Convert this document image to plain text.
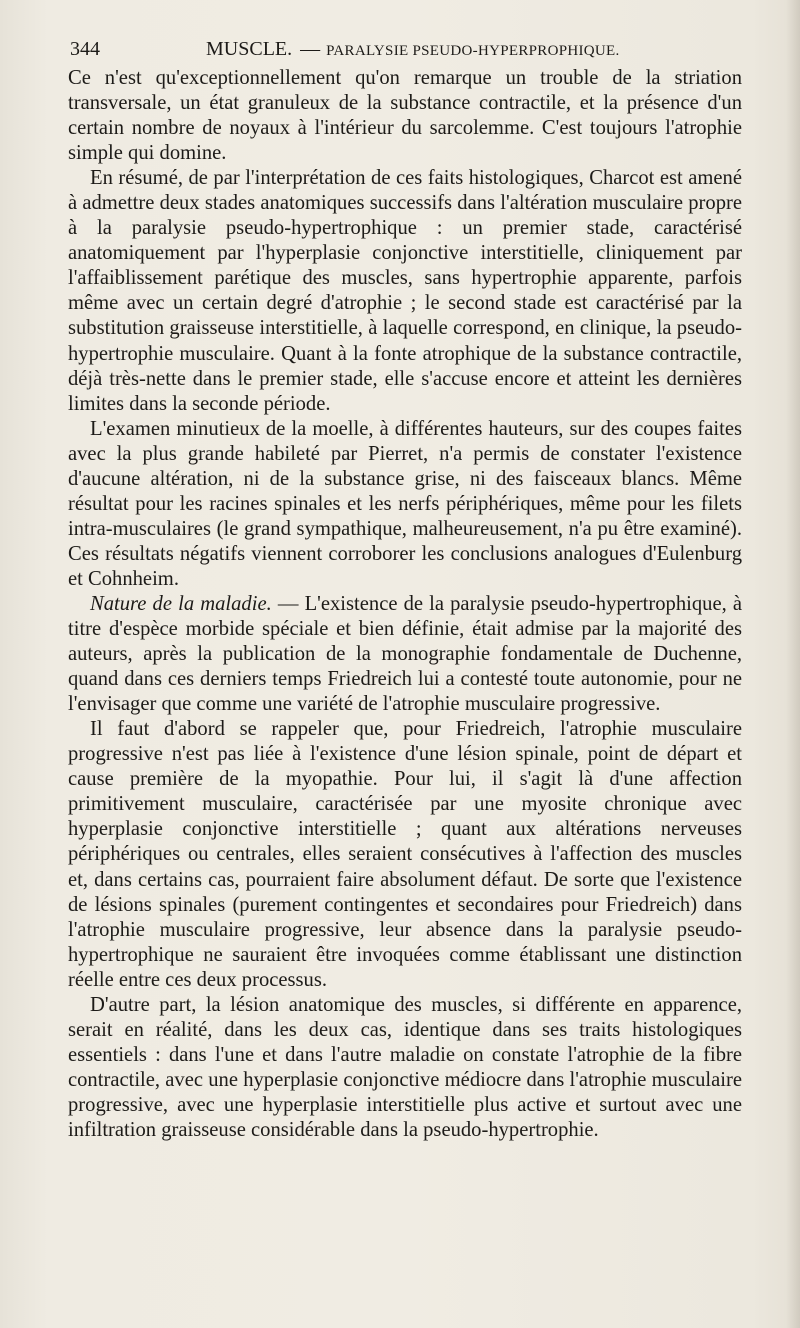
344	MUSCLE. — PARALYSIE PSEUDO-HYPERPROPHIQUE.

Ce n'est qu'exceptionnellement qu'on remarque un trouble de la striation transversale, un état granuleux de la substance contractile, et la présence d'un certain nombre de noyaux à l'intérieur du sarcolemme. C'est toujours l'atrophie simple qui domine.

En résumé, de par l'interprétation de ces faits histologiques, Charcot est amené à admettre deux stades anatomiques successifs dans l'altération musculaire propre à la paralysie pseudo-hypertrophique : un premier stade, caractérisé anatomiquement par l'hyperplasie conjonctive interstitielle, cliniquement par l'affaiblissement parétique des muscles, sans hypertrophie apparente, parfois même avec un certain degré d'atrophie ; le second stade est caractérisé par la substitution graisseuse interstitielle, à laquelle correspond, en clinique, la pseudo-hypertrophie musculaire. Quant à la fonte atrophique de la substance contractile, déjà très-nette dans le premier stade, elle s'accuse encore et atteint les dernières limites dans la seconde période.

L'examen minutieux de la moelle, à différentes hauteurs, sur des coupes faites avec la plus grande habileté par Pierret, n'a permis de constater l'existence d'aucune altération, ni de la substance grise, ni des faisceaux blancs. Même résultat pour les racines spinales et les nerfs périphériques, même pour les filets intra-musculaires (le grand sympathique, malheureusement, n'a pu être examiné). Ces résultats négatifs viennent corroborer les conclusions analogues d'Eulenburg et Cohnheim.

Nature de la maladie. — L'existence de la paralysie pseudo-hypertrophique, à titre d'espèce morbide spéciale et bien définie, était admise par la majorité des auteurs, après la publication de la monographie fondamentale de Duchenne, quand dans ces derniers temps Friedreich lui a contesté toute autonomie, pour ne l'envisager que comme une variété de l'atrophie musculaire progressive.

Il faut d'abord se rappeler que, pour Friedreich, l'atrophie musculaire progressive n'est pas liée à l'existence d'une lésion spinale, point de départ et cause première de la myopathie. Pour lui, il s'agit là d'une affection primitivement musculaire, caractérisée par une myosite chronique avec hyperplasie conjonctive interstitielle ; quant aux altérations nerveuses périphériques ou centrales, elles seraient consécutives à l'affection des muscles et, dans certains cas, pourraient faire absolument défaut. De sorte que l'existence de lésions spinales (purement contingentes et secondaires pour Friedreich) dans l'atrophie musculaire progressive, leur absence dans la paralysie pseudo-hypertrophique ne sauraient être invoquées comme établissant une distinction réelle entre ces deux processus.

D'autre part, la lésion anatomique des muscles, si différente en apparence, serait en réalité, dans les deux cas, identique dans ses traits histologiques essentiels : dans l'une et dans l'autre maladie on constate l'atrophie de la fibre contractile, avec une hyperplasie conjonctive médiocre dans l'atrophie musculaire progressive, avec une hyperplasie interstitielle plus active et surtout avec une infiltration graisseuse considérable dans la pseudo-hypertrophie.
